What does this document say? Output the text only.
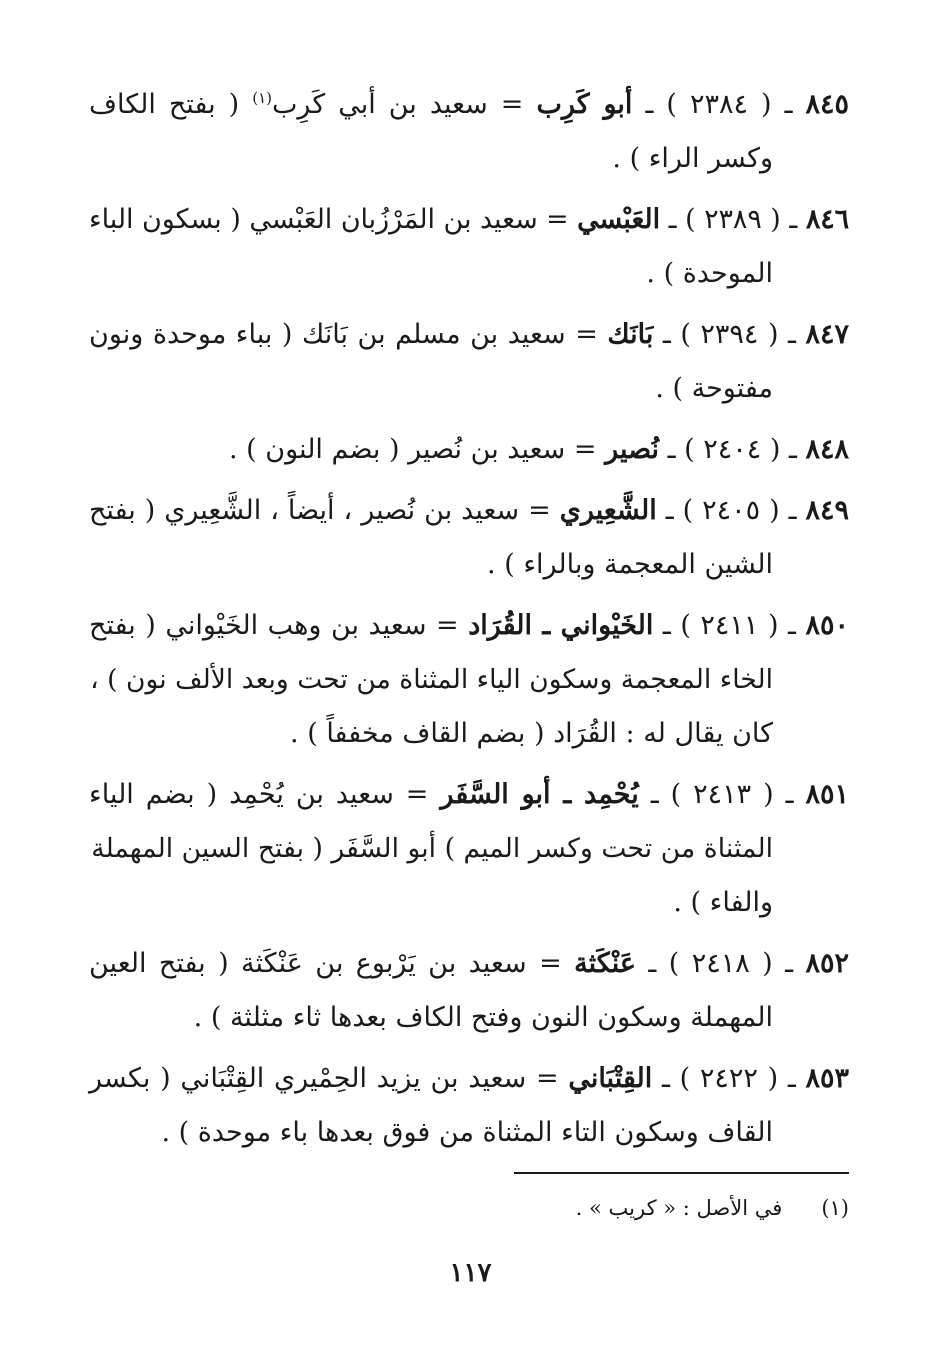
٨٤٥ ـ ( ٢٣٨٤ ) ـ أبو كَرِب = سعيد بن أبي كَرِب$^{(١)}$ ( بفتح الكاف
وكسر الراء ) .
٨٤٦ ـ ( ٢٣٨٩ ) ـ العَبْسي = سعيد بن المَرْزُبان العَبْسي ( بسكون الباء
الموحدة ) .
٨٤٧ ـ ( ٢٣٩٤ ) ـ بَانَك = سعيد بن مسلم بن بَانَك ( بباء موحدة ونون
مفتوحة ) .
٨٤٨ ـ ( ٢٤٠٤ ) ـ نُصير = سعيد بن نُصير ( بضم النون ) .
٨٤٩ ـ ( ٢٤٠٥ ) ـ الشَّعِيري = سعيد بن نُصير ، أيضاً ، الشَّعِيري ( بفتح
الشين المعجمة وبالراء ) .
٨٥٠ ـ ( ٢٤١١ ) ـ الخَيْواني ـ القُرَاد = سعيد بن وهب الخَيْواني ( بفتح
الخاء المعجمة وسكون الياء المثناة من تحت وبعد الألف نون ) ،
كان يقال له : القُرَاد ( بضم القاف مخففاً ) .
٨٥١ ـ ( ٢٤١٣ ) ـ يُحْمِد ـ أبو السَّفَر = سعيد بن يُحْمِد ( بضم الياء
المثناة من تحت وكسر الميم ) أبو السَّفَر ( بفتح السين المهملة
والفاء ) .
٨٥٢ ـ ( ٢٤١٨ ) ـ عَنْكَثة = سعيد بن يَرْبوع بن عَنْكَثة ( بفتح العين
المهملة وسكون النون وفتح الكاف بعدها ثاء مثلثة ) .
٨٥٣ ـ ( ٢٤٢٢ ) ـ القِتْبَاني = سعيد بن يزيد الحِمْيري القِتْبَاني ( بكسر
القاف وسكون التاء المثناة من فوق بعدها باء موحدة ) .
(١) في الأصل : « كريب » .
١١٧
